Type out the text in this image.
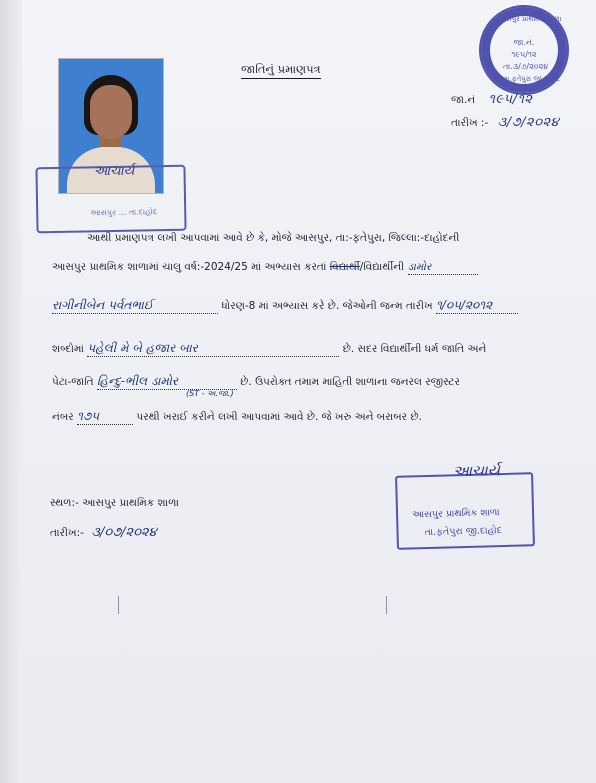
આચાર્ય
આસપુર ... તા.દાહોદ
આસપુર પ્રાથમિક શાળા
જા.નં. ૧૯૫/૧૨
તા.૩/૭/૨૦૨૪
તા.ફતેપુરા જી.દાહોદ
જાતિનું પ્રમાણપત્ર
જા.નં ૧૯૫/૧૨
તારીખ :- ૩/૭/૨૦૨૪
આથી પ્રમાણપત્ર લખી આપવામાં આવે છે કે, મોજે આસપુર, તા:-ફતેપુરા, જિલ્લા:-દાહોદની
આસપુર પ્રાથમિક શાળામાં ચાલુ વર્ષ:-2024/25 માં અભ્યાસ કરતાં વિદ્યાર્થી/વિદ્યાર્થીની ડામોર
રાગીનીબેન પર્વતભાઈ	ધોરણ-8 માં અભ્યાસ કરે છે. જેઓની જન્મ તારીખ ૧/૦૫/૨૦૧૨
શબ્દોમાં પહેલી મે બે હજાર બાર	છે. સદર વિદ્યાર્થીની ધર્મ જાતિ અને
પેટા-જાતિ હિન્દુ-ભીલ ડામોર	છે. ઉપરોક્ત તમામ માહિતી શાળાના જનરલ રજીસ્ટર
(ST - અ.જા.)
નંબર ૧૭૫	પરથી ખરાઈ કરીને લખી આપવામાં આવે છે. જે ખરું અને બરાબર છે.
સ્થળ:- આસપુર પ્રાથમિક શાળા
તારીખ:- ૩/૦૭/૨૦૨૪
આચાર્ય
આસપુર પ્રાથમિક શાળા
તા.ફતેપુરા જી.દાહોદ
